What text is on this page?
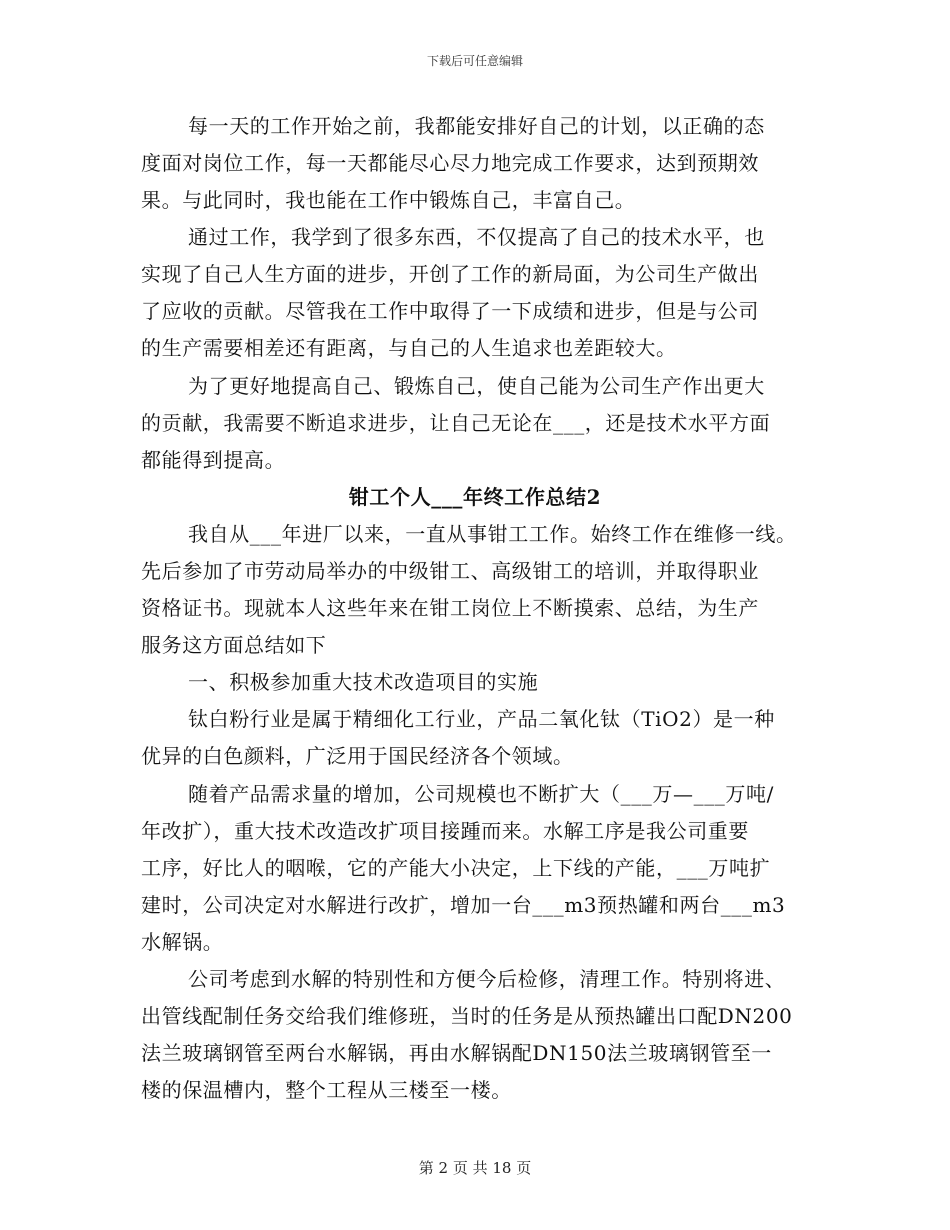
下载后可任意编辑
每一天的工作开始之前，我都能安排好自己的计划，以正确的态
度面对岗位工作，每一天都能尽心尽力地完成工作要求，达到预期效
果。与此同时，我也能在工作中锻炼自己，丰富自己。
通过工作，我学到了很多东西，不仅提高了自己的技术水平，也
实现了自己人生方面的进步，开创了工作的新局面，为公司生产做出
了应收的贡献。尽管我在工作中取得了一下成绩和进步，但是与公司
的生产需要相差还有距离，与自己的人生追求也差距较大。
为了更好地提高自己、锻炼自己，使自己能为公司生产作出更大
的贡献，我需要不断追求进步，让自己无论在___，还是技术水平方面
都能得到提高。
钳工个人___年终工作总结2
我自从___年进厂以来，一直从事钳工工作。始终工作在维修一线。
先后参加了市劳动局举办的中级钳工、高级钳工的培训，并取得职业
资格证书。现就本人这些年来在钳工岗位上不断摸索、总结，为生产
服务这方面总结如下
一、积极参加重大技术改造项目的实施
钛白粉行业是属于精细化工行业，产品二氧化钛（TiO2）是一种
优异的白色颜料，广泛用于国民经济各个领域。
随着产品需求量的增加，公司规模也不断扩大（___万—___万吨/
年改扩），重大技术改造改扩项目接踵而来。水解工序是我公司重要
工序，好比人的咽喉，它的产能大小决定，上下线的产能，___万吨扩
建时，公司决定对水解进行改扩，增加一台___m3预热罐和两台___m3
水解锅。
公司考虑到水解的特别性和方便今后检修，清理工作。特别将进、
出管线配制任务交给我们维修班，当时的任务是从预热罐出口配DN200
法兰玻璃钢管至两台水解锅，再由水解锅配DN150法兰玻璃钢管至一
楼的保温槽内，整个工程从三楼至一楼。
第 2 页 共 18 页
